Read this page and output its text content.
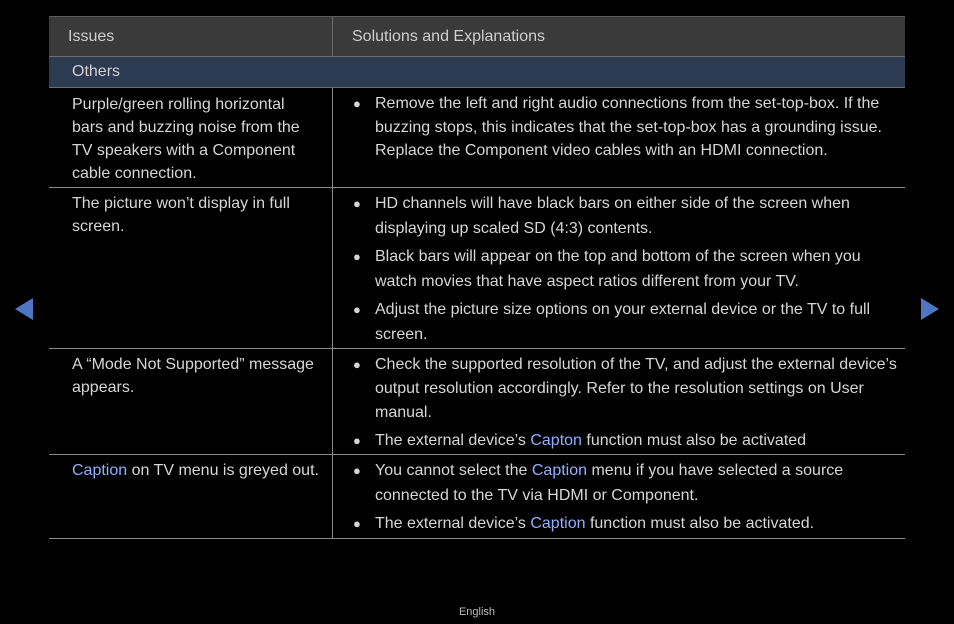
Issues	Solutions and Explanations
Others
Purple/green rolling horizontal bars and buzzing noise from the TV speakers with a Component cable connection.
● Remove the left and right audio connections from the set-top-box. If the buzzing stops, this indicates that the set-top-box has a grounding issue. Replace the Component video cables with an HDMI connection.
The picture won’t display in full screen.
● HD channels will have black bars on either side of the screen when displaying up scaled SD (4:3) contents.
● Black bars will appear on the top and bottom of the screen when you watch movies that have aspect ratios different from your TV.
● Adjust the picture size options on your external device or the TV to full screen.
A “Mode Not Supported” message appears.
● Check the supported resolution of the TV, and adjust the external device’s output resolution accordingly. Refer to the resolution settings on User manual.
● The external device’s Capton function must also be activated
Caption on TV menu is greyed out.	● You cannot select the Caption menu if you have selected a source connected to the TV via HDMI or Component.
● The external device’s Caption function must also be activated.
English
